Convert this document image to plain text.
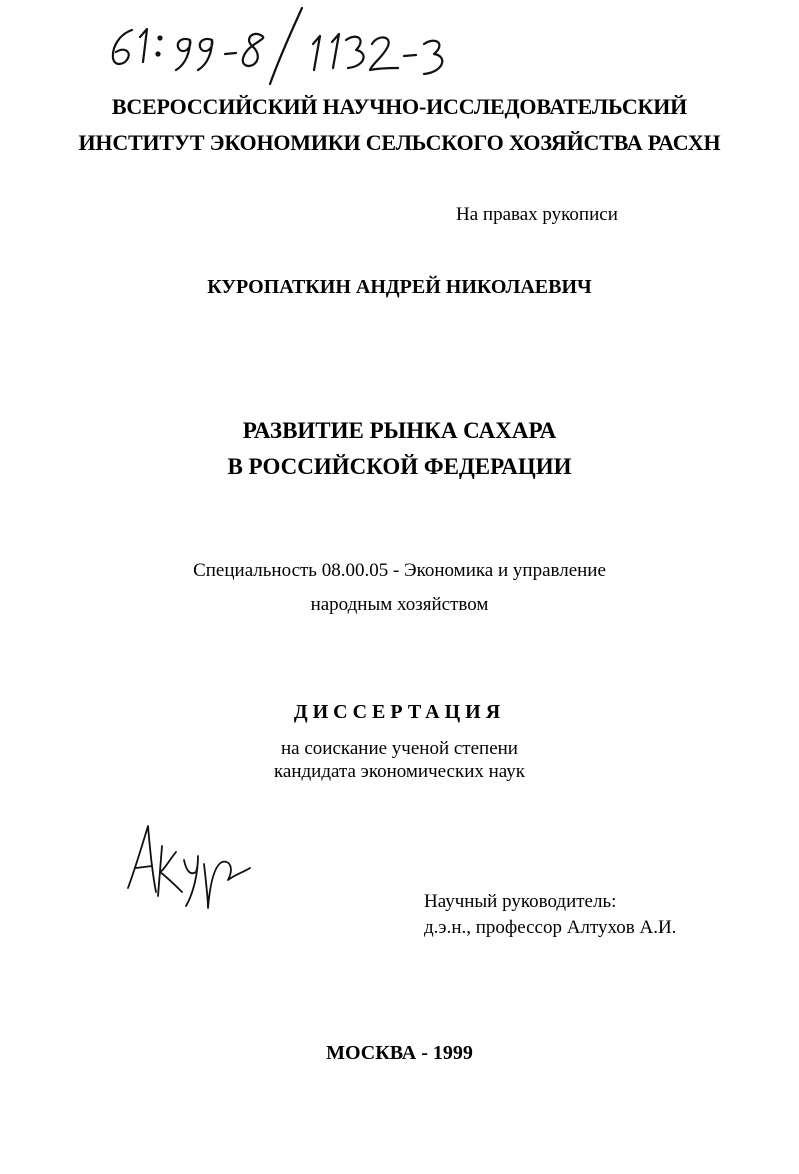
ВСЕРОССИЙСКИЙ НАУЧНО-ИССЛЕДОВАТЕЛЬСКИЙ
ИНСТИТУТ ЭКОНОМИКИ СЕЛЬСКОГО ХОЗЯЙСТВА РАСХН
На правах рукописи
КУРОПАТКИН АНДРЕЙ НИКОЛАЕВИЧ
РАЗВИТИЕ РЫНКА САХАРА
В РОССИЙСКОЙ ФЕДЕРАЦИИ
Специальность 08.00.05 - Экономика и управление
народным хозяйством
ДИССЕРТАЦИЯ
на соискание ученой степени
кандидата экономических наук
Научный руководитель:
д.э.н., профессор Алтухов А.И.
МОСКВА - 1999
